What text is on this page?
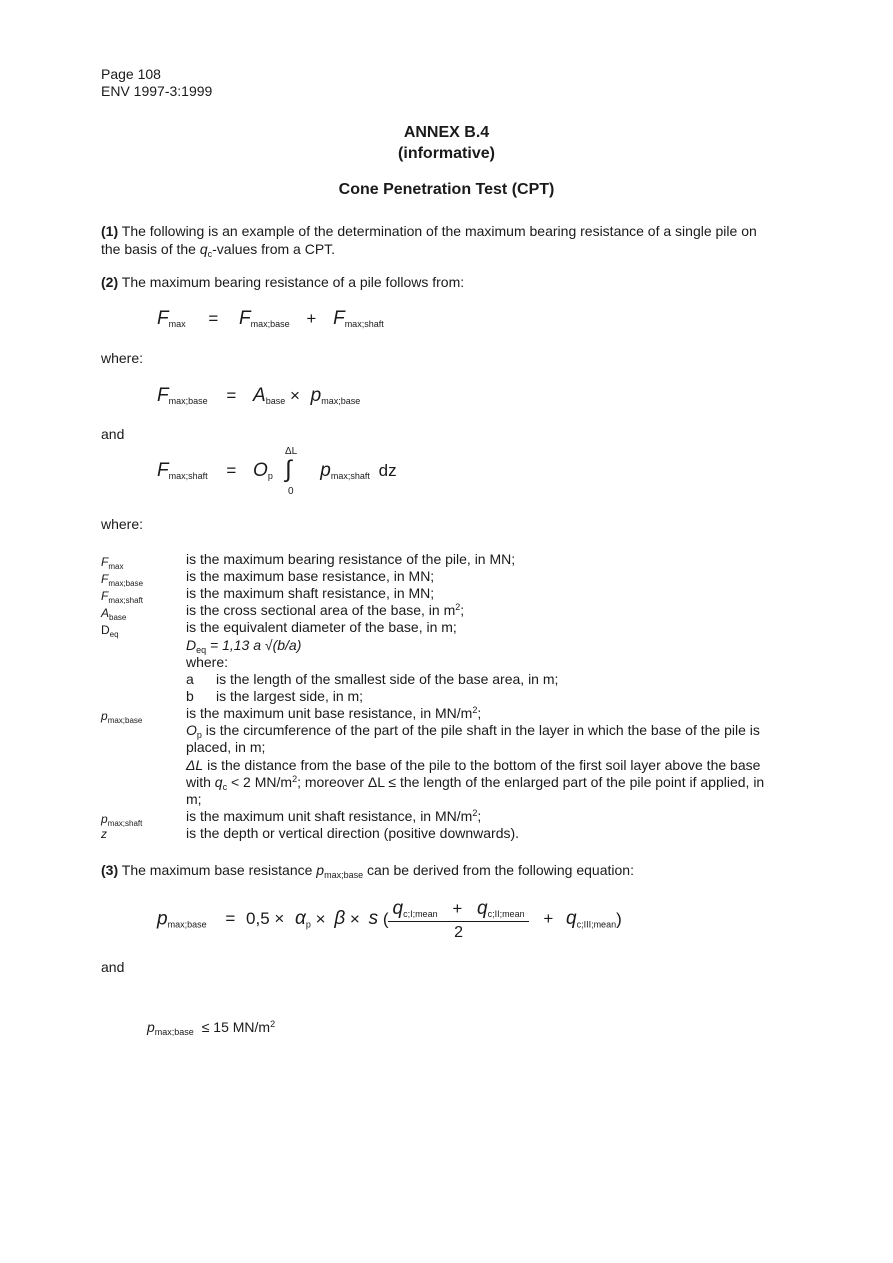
Page 108
ENV 1997-3:1999
ANNEX B.4
(informative)
Cone Penetration Test (CPT)
(1) The following is an example of the determination of the maximum bearing resistance of a single pile on the basis of the $q_c$-values from a CPT.
(2) The maximum bearing resistance of a pile follows from:
$F_{max} = F_{max;base} + F_{max;shaft}$
where:
$F_{max;base} = A_{base} \times p_{max;base}$
and
$F_{max;shaft} = O_p$ $p_{max;shaft}$ dz
ΔL
∫
0
where:
$F_{max}$	is the maximum bearing resistance of the pile, in MN;
$F_{max;base}$	is the maximum base resistance, in MN;
$F_{max;shaft}$	is the maximum shaft resistance, in MN;
$A_{base}$	is the cross sectional area of the base, in $m^2$;
$D_{eq}$	is the equivalent diameter of the base, in m;
$D_{eq} = 1,13$ a √(b/a)
where:
a is the length of the smallest side of the base area, in m;
b is the largest side, in m;
$p_{max;base}$	is the maximum unit base resistance, in $MN/m^2$;
$O_p$ is the circumference of the part of the pile shaft in the layer in which the base of the pile is placed, in m;
ΔL is the distance from the base of the pile to the bottom of the first soil layer above the base with $q_c < 2$ $MN/m^2$; moreover ΔL ≤ the length of the enlarged part of the pile point if applied, in m;
$p_{max;shaft}$	is the maximum unit shaft resistance, in $MN/m^2$;
z	is the depth or vertical direction (positive downwards).
(3) The maximum base resistance $p_{max;base}$ can be derived from the following equation:
$p_{max;base} = 0,5 \times \alpha_p \times \beta \times s$ ( $\frac{q_{c;I;mean} + q_{c;II;mean}}{2} + q_{c;III;mean}$)
and
$p_{max;base} \le 15$ $MN/m^2$
